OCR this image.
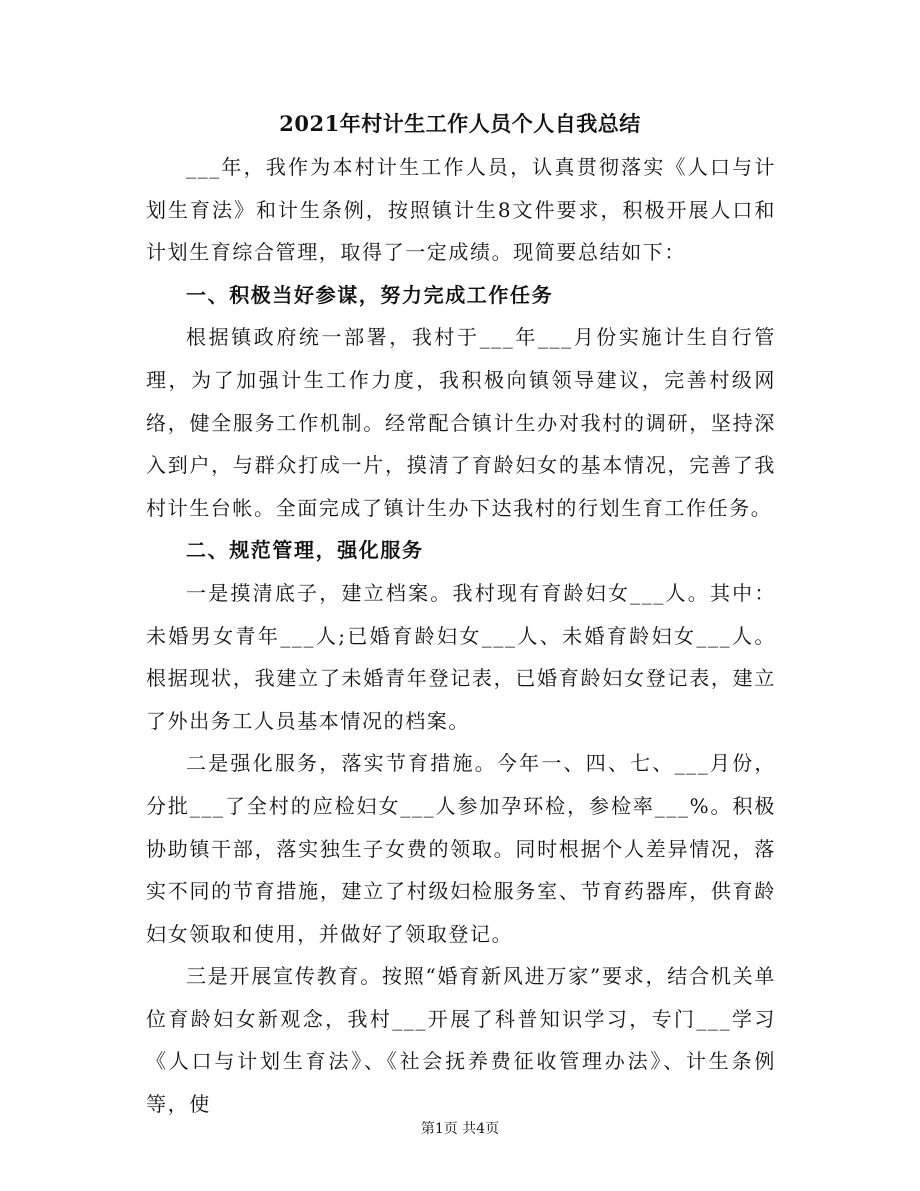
2021年村计生工作人员个人自我总结

___年，我作为本村计生工作人员，认真贯彻落实《人口与计划生育法》和计生条例，按照镇计生8文件要求，积极开展人口和计划生育综合管理，取得了一定成绩。现简要总结如下：

一、积极当好参谋，努力完成工作任务

根据镇政府统一部署，我村于___年___月份实施计生自行管理，为了加强计生工作力度，我积极向镇领导建议，完善村级网络，健全服务工作机制。经常配合镇计生办对我村的调研，坚持深入到户，与群众打成一片，摸清了育龄妇女的基本情况，完善了我村计生台帐。全面完成了镇计生办下达我村的行划生育工作任务。

二、规范管理，强化服务

一是摸清底子，建立档案。我村现有育龄妇女___人。其中：未婚男女青年___人;已婚育龄妇女___人、未婚育龄妇女___人。根据现状，我建立了未婚青年登记表，已婚育龄妇女登记表，建立了外出务工人员基本情况的档案。

二是强化服务，落实节育措施。今年一、四、七、___月份，分批___了全村的应检妇女___人参加孕环检，参检率___%。积极协助镇干部，落实独生子女费的领取。同时根据个人差异情况，落实不同的节育措施，建立了村级妇检服务室、节育药器库，供育龄妇女领取和使用，并做好了领取登记。

三是开展宣传教育。按照“婚育新风进万家”要求，结合机关单位育龄妇女新观念，我村___开展了科普知识学习，专门___学习《人口与计划生育法》、《社会抚养费征收管理办法》、计生条例等，使

第1页 共4页
